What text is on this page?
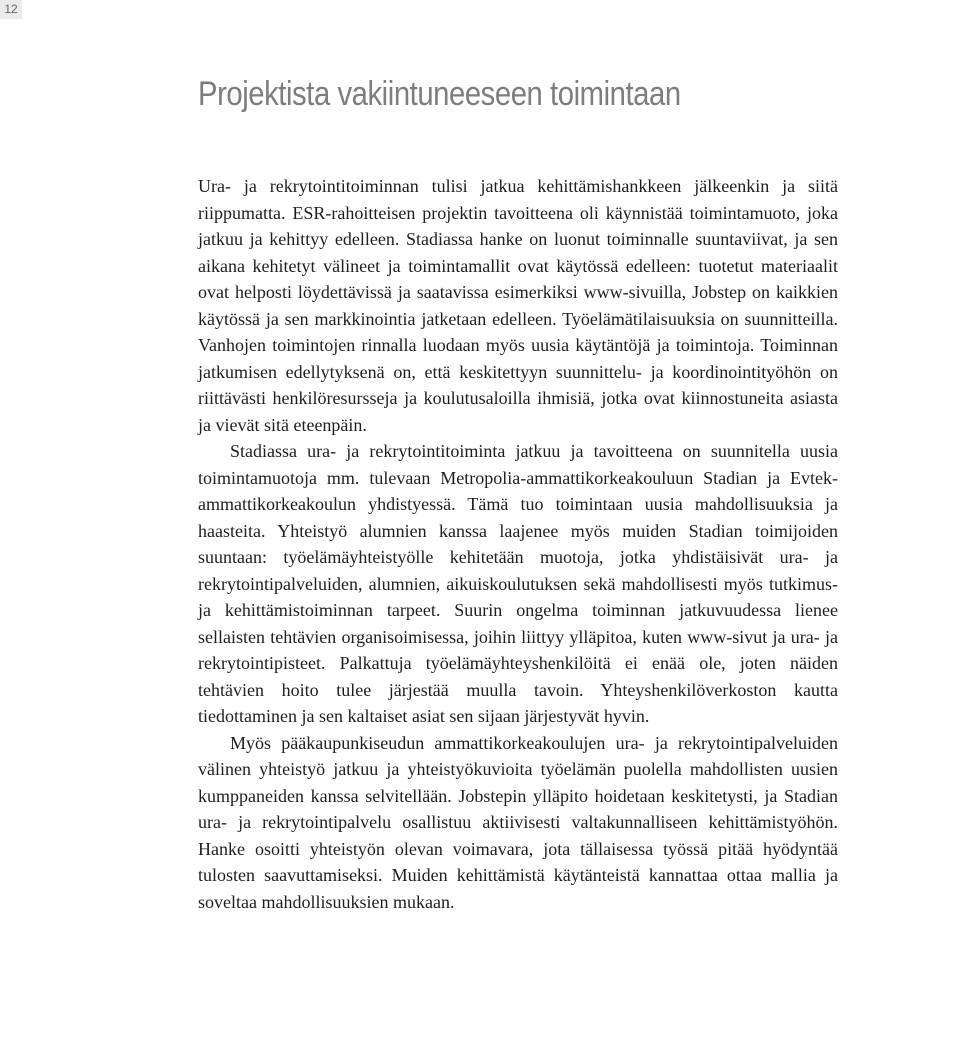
12
Projektista vakiintuneeseen toimintaan

Ura- ja rekrytointitoiminnan tulisi jatkua kehittämishankkeen jälkeenkin ja siitä riippumatta. ESR-rahoitteisen projektin tavoitteena oli käynnistää toimintamuoto, joka jatkuu ja kehittyy edelleen. Stadiassa hanke on luonut toiminnalle suuntaviivat, ja sen aikana kehitetyt välineet ja toimintamallit ovat käytössä edelleen: tuotetut materiaalit ovat helposti löydettävissä ja saatavissa esimerkiksi www-sivuilla, Jobstep on kaikkien käytössä ja sen markkinointia jatketaan edelleen. Työelämätilaisuuksia on suunnitteilla. Vanhojen toimintojen rinnalla luodaan myös uusia käytäntöjä ja toimintoja. Toiminnan jatkumisen edellytyksenä on, että keskitettyyn suunnittelu- ja koordinointityöhön on riittävästi henkilöresursseja ja koulutusaloilla ihmisiä, jotka ovat kiinnostuneita asiasta ja vievät sitä eteenpäin.

Stadiassa ura- ja rekrytointitoiminta jatkuu ja tavoitteena on suunnitella uusia toimintamuotoja mm. tulevaan Metropolia-ammattikorkeakouluun Stadian ja Evtek-ammattikorkeakoulun yhdistyessä. Tämä tuo toimintaan uusia mahdollisuuksia ja haasteita. Yhteistyö alumnien kanssa laajenee myös muiden Stadian toimijoiden suuntaan: työelämäyhteistyölle kehitetään muotoja, jotka yhdistäisivät ura- ja rekrytointipalveluiden, alumnien, aikuiskoulutuksen sekä mahdollisesti myös tutkimus- ja kehittämistoiminnan tarpeet. Suurin ongelma toiminnan jatkuvuudessa lienee sellaisten tehtävien organisoimisessa, joihin liittyy ylläpitoa, kuten www-sivut ja ura- ja rekrytointipisteet. Palkattuja työelämäyhteyshenkilöitä ei enää ole, joten näiden tehtävien hoito tulee järjestää muulla tavoin. Yhteyshenkilöverkoston kautta tiedottaminen ja sen kaltaiset asiat sen sijaan järjestyvät hyvin.

Myös pääkaupunkiseudun ammattikorkeakoulujen ura- ja rekrytointipalveluiden välinen yhteistyö jatkuu ja yhteistyökuvioita työelämän puolella mahdollisten uusien kumppaneiden kanssa selvitellään. Jobstepin ylläpito hoidetaan keskitetysti, ja Stadian ura- ja rekrytointipalvelu osallistuu aktiivisesti valtakunnalliseen kehittämistyöhön. Hanke osoitti yhteistyön olevan voimavara, jota tällaisessa työssä pitää hyödyntää tulosten saavuttamiseksi. Muiden kehittämistä käytänteistä kannattaa ottaa mallia ja soveltaa mahdollisuuksien mukaan.
